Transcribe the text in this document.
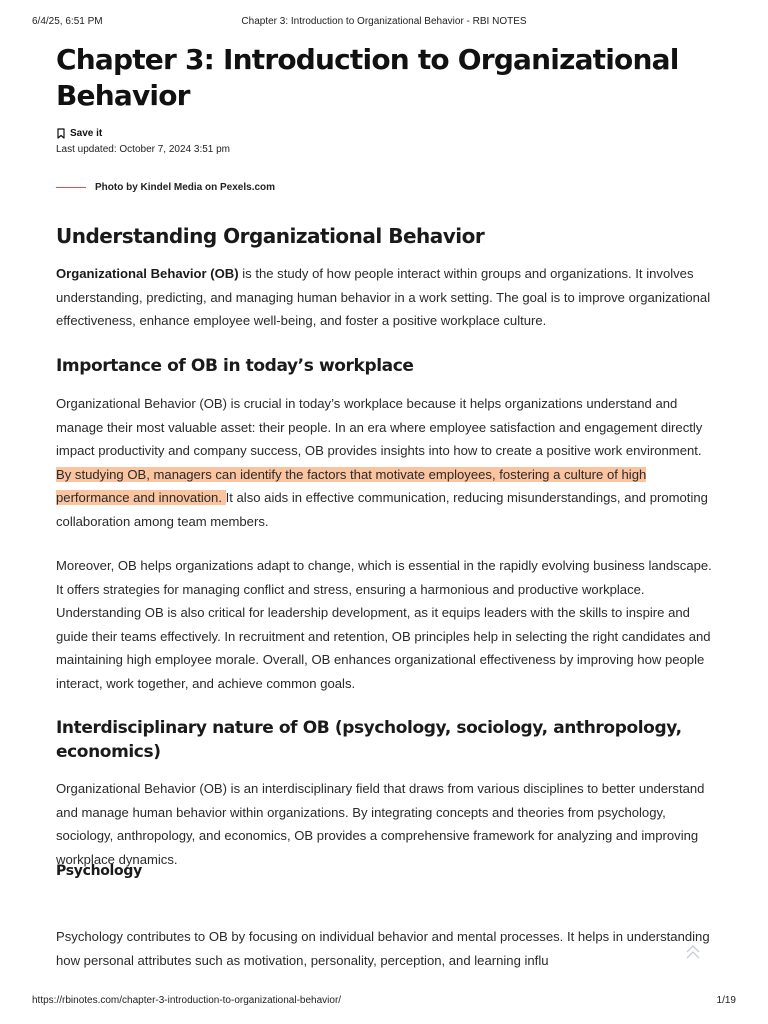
6/4/25, 6:51 PM	Chapter 3: Introduction to Organizational Behavior - RBI NOTES
Chapter 3: Introduction to Organizational Behavior
Save it
Last updated: October 7, 2024 3:51 pm
Photo by Kindel Media on Pexels.com
Understanding Organizational Behavior

Organizational Behavior (OB) is the study of how people interact within groups and organizations. It involves understanding, predicting, and managing human behavior in a work setting. The goal is to improve organizational effectiveness, enhance employee well-being, and foster a positive workplace culture.

Importance of OB in today’s workplace

Organizational Behavior (OB) is crucial in today’s workplace because it helps organizations understand and manage their most valuable asset: their people. In an era where employee satisfaction and engagement directly impact productivity and company success, OB provides insights into how to create a positive work environment. By studying OB, managers can identify the factors that motivate employees, fostering a culture of high performance and innovation. It also aids in effective communication, reducing misunderstandings, and promoting collaboration among team members.

Moreover, OB helps organizations adapt to change, which is essential in the rapidly evolving business landscape. It offers strategies for managing conflict and stress, ensuring a harmonious and productive workplace. Understanding OB is also critical for leadership development, as it equips leaders with the skills to inspire and guide their teams effectively. In recruitment and retention, OB principles help in selecting the right candidates and maintaining high employee morale. Overall, OB enhances organizational effectiveness by improving how people interact, work together, and achieve common goals.

Interdisciplinary nature of OB (psychology, sociology, anthropology, economics)

Organizational Behavior (OB) is an interdisciplinary field that draws from various disciplines to better understand and manage human behavior within organizations. By integrating concepts and theories from psychology, sociology, anthropology, and economics, OB provides a comprehensive framework for analyzing and improving workplace dynamics.

Psychology

Psychology contributes to OB by focusing on individual behavior and mental processes. It helps in understanding how personal attributes such as motivation, personality, perception, and learning influ

https://rbinotes.com/chapter-3-introduction-to-organizational-behavior/	1/19
